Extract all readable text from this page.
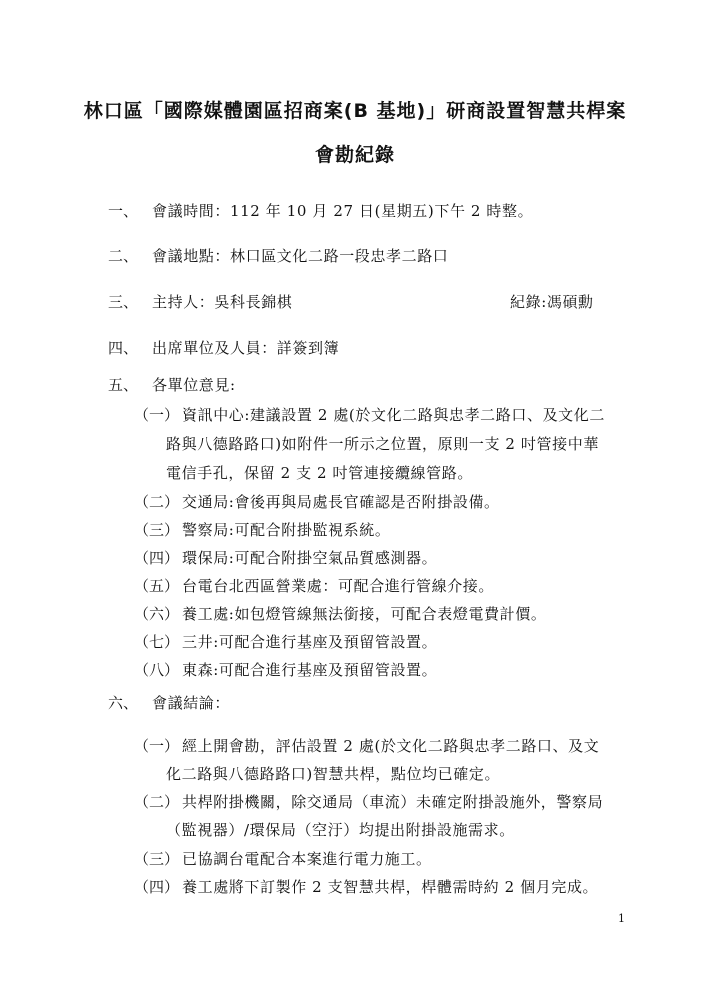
林口區「國際媒體園區招商案(B 基地)」研商設置智慧共桿案
會勘紀錄
一、 會議時間：112 年 10 月 27 日(星期五)下午 2 時整。
二、 會議地點：林口區文化二路一段忠孝二路口
三、 主持人：吳科長錦棋	紀錄:馮碩勳
四、 出席單位及人員：詳簽到簿
五、 各單位意見:
（一） 資訊中心:建議設置 2 處(於文化二路與忠孝二路口、及文化二
路與八德路路口)如附件一所示之位置，原則一支 2 吋管接中華
電信手孔，保留 2 支 2 吋管連接纜線管路。
（二） 交通局:會後再與局處長官確認是否附掛設備。
（三） 警察局:可配合附掛監視系統。
（四） 環保局:可配合附掛空氣品質感測器。
（五） 台電台北西區營業處：可配合進行管線介接。
（六） 養工處:如包燈管線無法銜接，可配合表燈電費計價。
（七） 三井:可配合進行基座及預留管設置。
（八） 東森:可配合進行基座及預留管設置。
六、 會議結論：
（一） 經上開會勘，評估設置 2 處(於文化二路與忠孝二路口、及文
化二路與八德路路口)智慧共桿，點位均已確定。
（二） 共桿附掛機關，除交通局（車流）未確定附掛設施外，警察局
（監視器）/環保局（空汙）均提出附掛設施需求。
（三） 已協調台電配合本案進行電力施工。
（四） 養工處將下訂製作 2 支智慧共桿，桿體需時約 2 個月完成。
1
